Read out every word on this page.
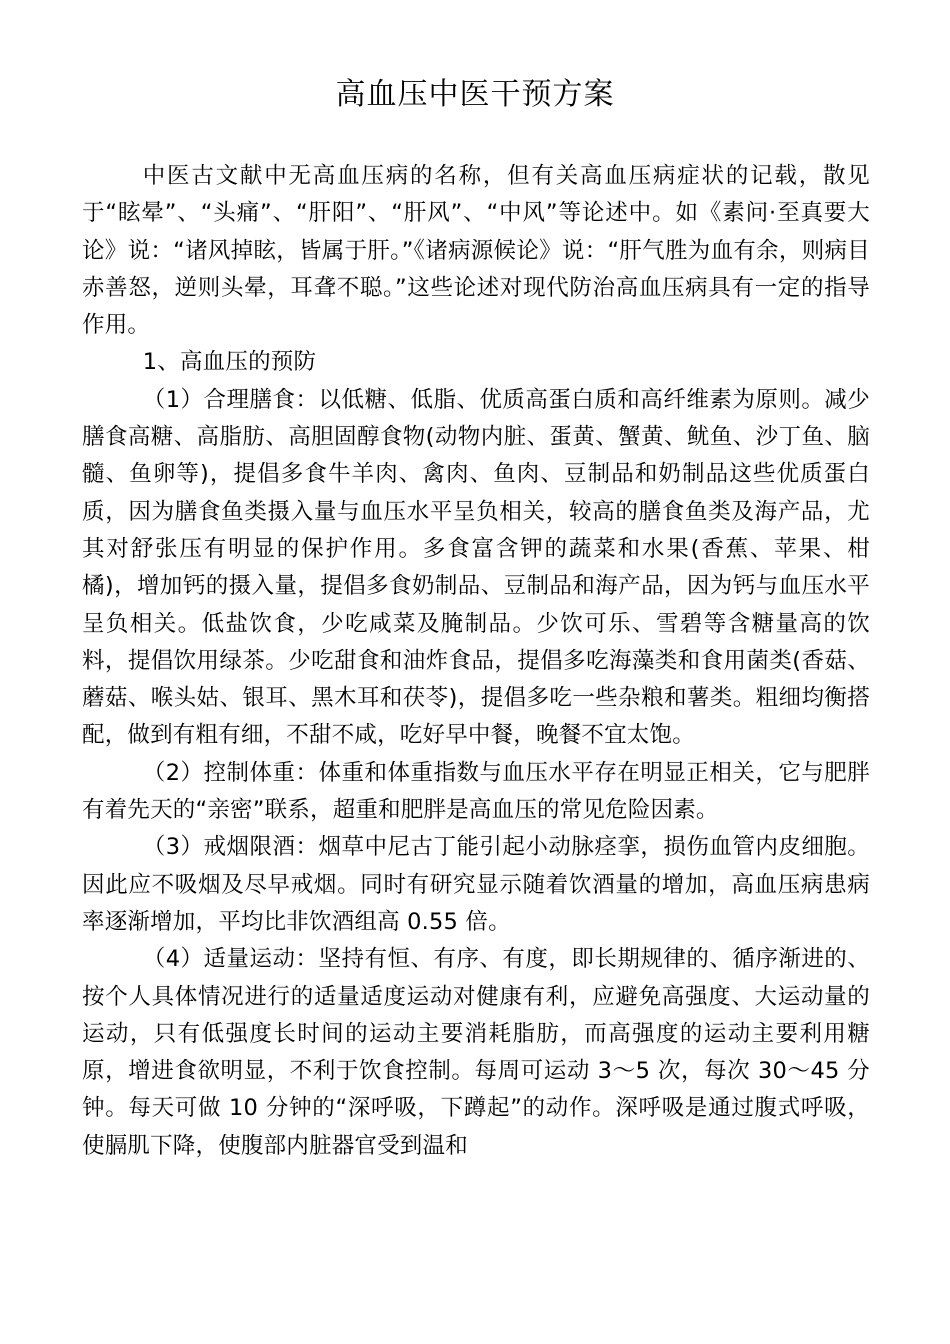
高血压中医干预方案

中医古文献中无高血压病的名称，但有关高血压病症状的记载，散见于“眩晕”、“头痛”、“肝阳”、“肝风”、“中风”等论述中。如《素问·至真要大论》说：“诸风掉眩，皆属于肝。”《诸病源候论》说：“肝气胜为血有余，则病目赤善怒，逆则头晕，耳聋不聪。”这些论述对现代防治高血压病具有一定的指导作用。

1、高血压的预防

（1）合理膳食：以低糖、低脂、优质高蛋白质和高纤维素为原则。减少膳食高糖、高脂肪、高胆固醇食物(动物内脏、蛋黄、蟹黄、鱿鱼、沙丁鱼、脑髓、鱼卵等)，提倡多食牛羊肉、禽肉、鱼肉、豆制品和奶制品这些优质蛋白质，因为膳食鱼类摄入量与血压水平呈负相关，较高的膳食鱼类及海产品，尤其对舒张压有明显的保护作用。多食富含钾的蔬菜和水果(香蕉、苹果、柑橘)，增加钙的摄入量，提倡多食奶制品、豆制品和海产品，因为钙与血压水平呈负相关。低盐饮食，少吃咸菜及腌制品。少饮可乐、雪碧等含糖量高的饮料，提倡饮用绿茶。少吃甜食和油炸食品，提倡多吃海藻类和食用菌类(香菇、蘑菇、喉头姑、银耳、黑木耳和茯苓)，提倡多吃一些杂粮和薯类。粗细均衡搭配，做到有粗有细，不甜不咸，吃好早中餐，晚餐不宜太饱。

（2）控制体重：体重和体重指数与血压水平存在明显正相关，它与肥胖有着先天的“亲密”联系，超重和肥胖是高血压的常见危险因素。

（3）戒烟限酒：烟草中尼古丁能引起小动脉痉挛，损伤血管内皮细胞。因此应不吸烟及尽早戒烟。同时有研究显示随着饮酒量的增加，高血压病患病率逐渐增加，平均比非饮酒组高 0.55 倍。

（4）适量运动：坚持有恒、有序、有度，即长期规律的、循序渐进的、按个人具体情况进行的适量适度运动对健康有利，应避免高强度、大运动量的运动，只有低强度长时间的运动主要消耗脂肪，而高强度的运动主要利用糖原，增进食欲明显，不利于饮食控制。每周可运动 3～5 次，每次 30～45 分钟。每天可做 10 分钟的“深呼吸，下蹲起”的动作。深呼吸是通过腹式呼吸，使膈肌下降，使腹部内脏器官受到温和
